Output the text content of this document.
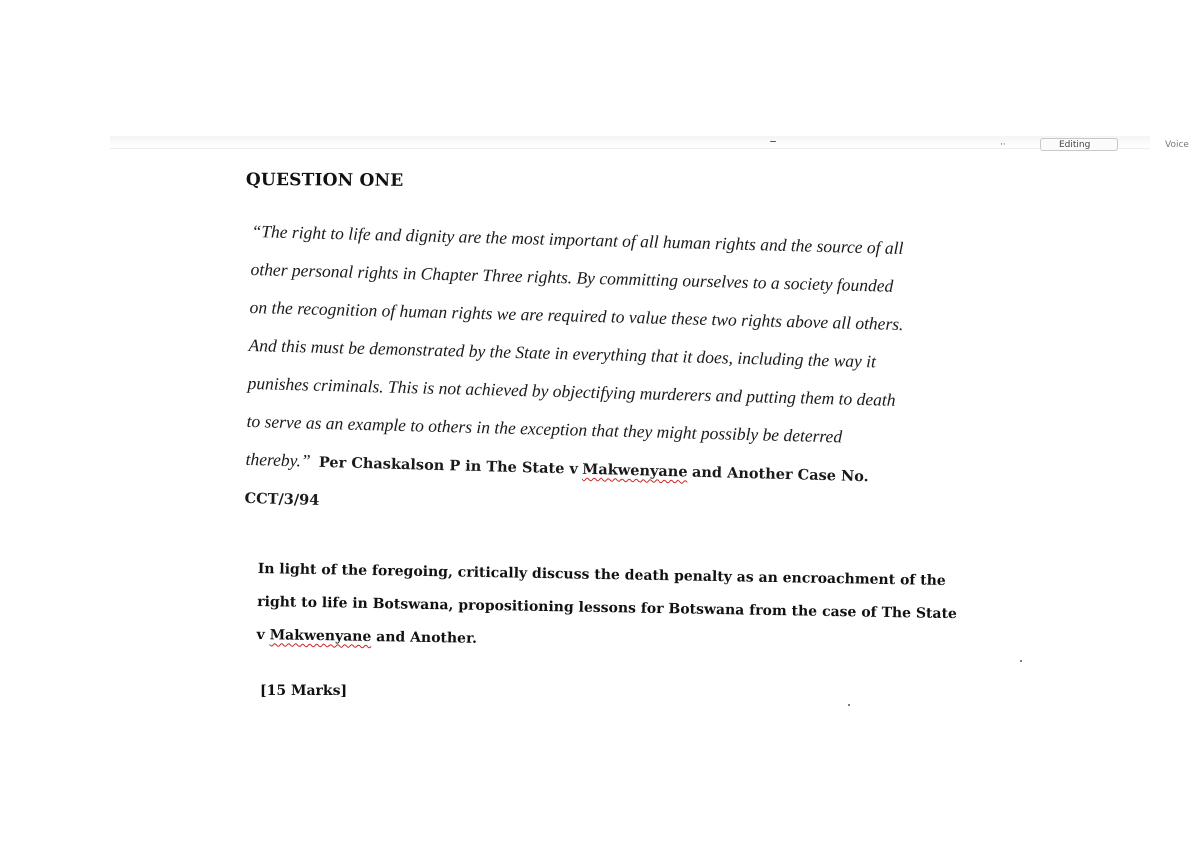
··	Editing	Voice
QUESTION ONE
“The right to life and dignity are the most important of all human rights and the source of all
other personal rights in Chapter Three rights. By committing ourselves to a society founded
on the recognition of human rights we are required to value these two rights above all others.
And this must be demonstrated by the State in everything that it does, including the way it
punishes criminals. This is not achieved by objectifying murderers and putting them to death
to serve as an example to others in the exception that they might possibly be deterred
thereby.” Per Chaskalson P in The State v Makwenyane and Another Case No.
CCT/3/94
In light of the foregoing, critically discuss the death penalty as an encroachment of the
right to life in Botswana, propositioning lessons for Botswana from the case of The State
v Makwenyane and Another.
[15 Marks]
